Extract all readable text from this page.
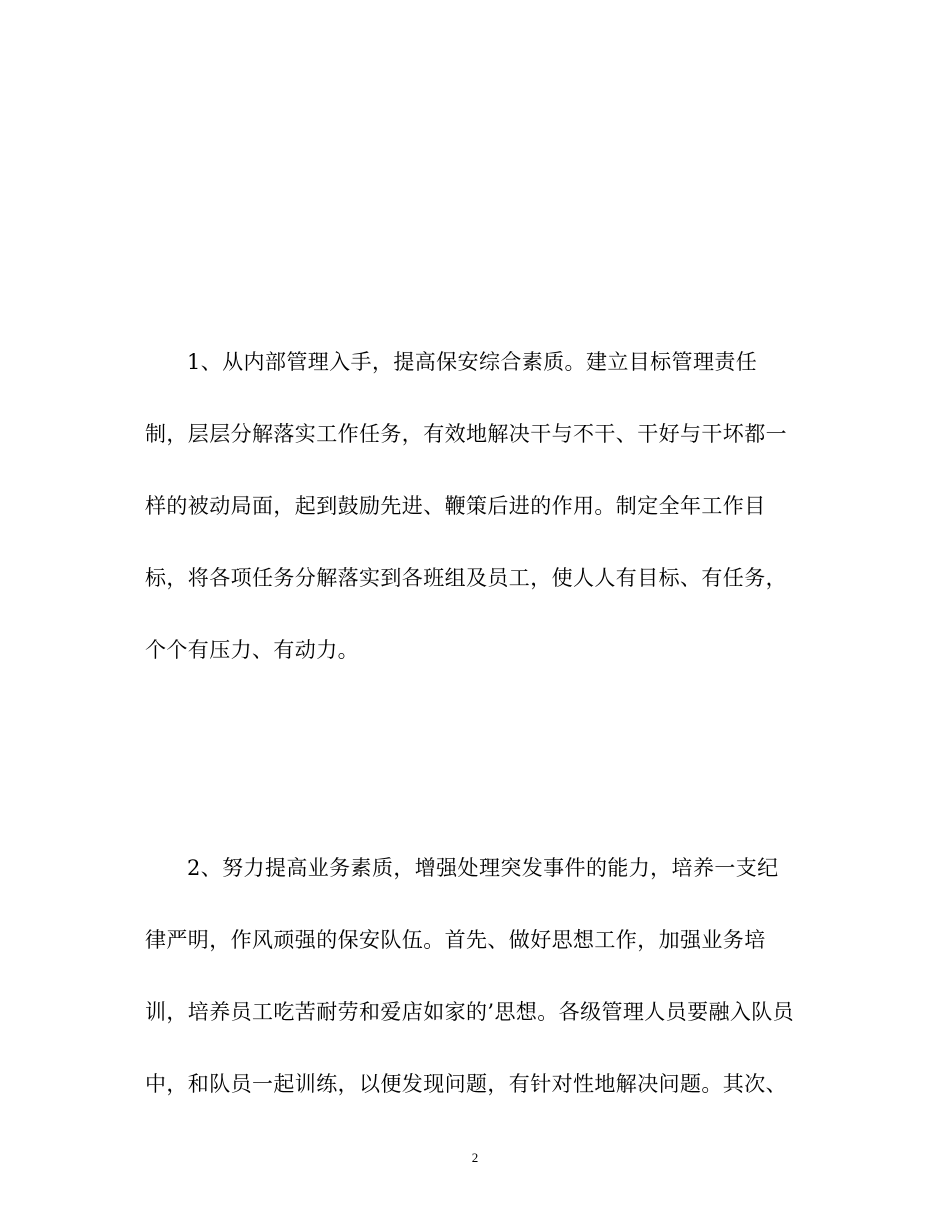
1、从内部管理入手，提高保安综合素质。建立目标管理责任
制，层层分解落实工作任务，有效地解决干与不干、干好与干坏都一
样的被动局面，起到鼓励先进、鞭策后进的作用。制定全年工作目
标，将各项任务分解落实到各班组及员工，使人人有目标、有任务，
个个有压力、有动力。
2、努力提高业务素质，增强处理突发事件的能力，培养一支纪
律严明，作风顽强的保安队伍。首先、做好思想工作，加强业务培
训，培养员工吃苦耐劳和爱店如家的’思想。各级管理人员要融入队员
中，和队员一起训练，以便发现问题，有针对性地解决问题。其次、
2
